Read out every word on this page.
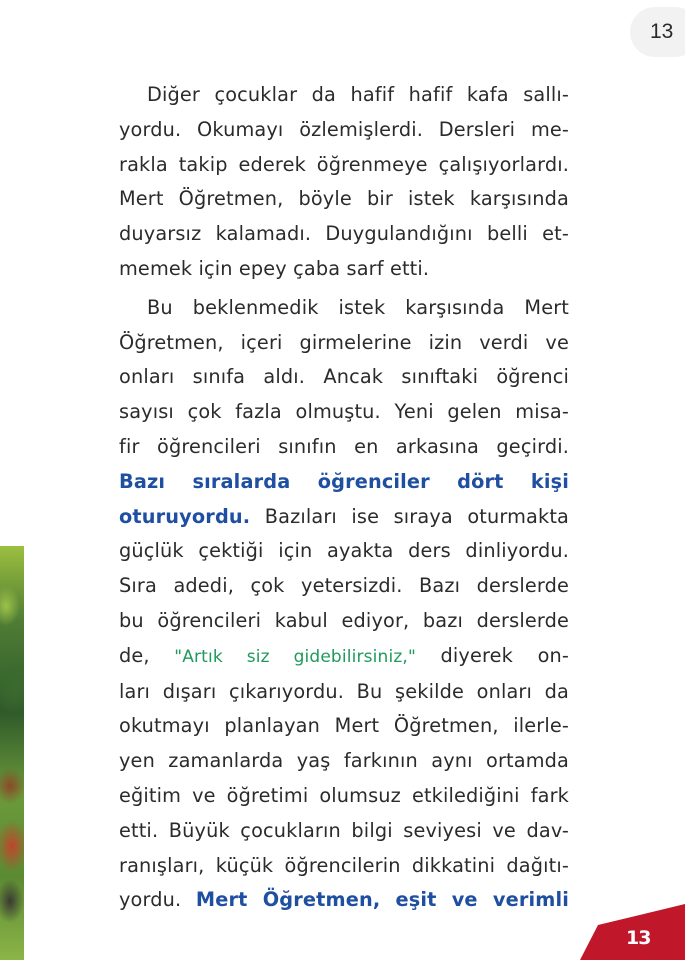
13

Diğer çocuklar da hafif hafif kafa sallı-
yordu. Okumayı özlemişlerdi. Dersleri me-
rakla takip ederek öğrenmeye çalışıyorlardı.
Mert Öğretmen, böyle bir istek karşısında
duyarsız kalamadı. Duygulandığını belli et-
memek için epey çaba sarf etti.

Bu beklenmedik istek karşısında Mert
Öğretmen, içeri girmelerine izin verdi ve
onları sınıfa aldı. Ancak sınıftaki öğrenci
sayısı çok fazla olmuştu. Yeni gelen misa-
fir öğrencileri sınıfın en arkasına geçirdi.
Bazı sıralarda öğrenciler dört kişi
oturuyordu. Bazıları ise sıraya oturmakta
güçlük çektiği için ayakta ders dinliyordu.
Sıra adedi, çok yetersizdi. Bazı derslerde
bu öğrencileri kabul ediyor, bazı derslerde
de, "Artık siz gidebilirsiniz," diyerek on-
ları dışarı çıkarıyordu. Bu şekilde onları da
okutmayı planlayan Mert Öğretmen, ilerle-
yen zamanlarda yaş farkının aynı ortamda
eğitim ve öğretimi olumsuz etkilediğini fark
etti. Büyük çocukların bilgi seviyesi ve dav-
ranışları, küçük öğrencilerin dikkatini dağıtı-
yordu. Mert Öğretmen, eşit ve verimli

13
